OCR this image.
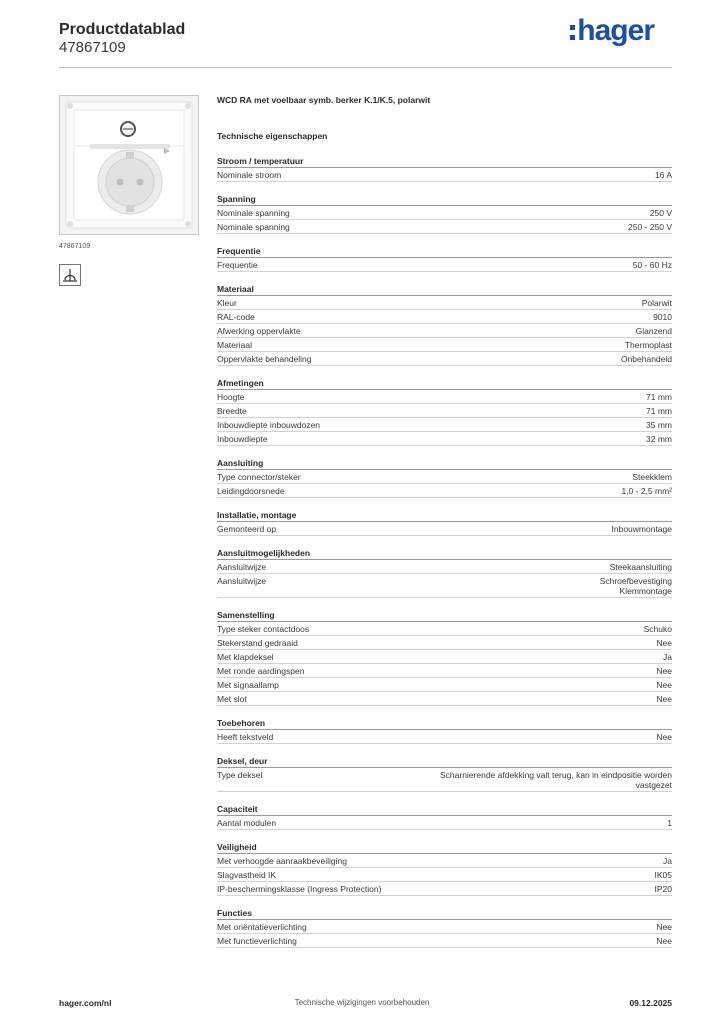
Productdatablad
47867109
hager
47867109
WCD RA met voelbaar symb. berker K.1/K.5, polarwit
Technische eigenschappen
Stroom / temperatuur
Nominale stroom	16 A
Spanning
Nominale spanning	250 V
Nominale spanning	250 - 250 V
Frequentie
Frequentie	50 - 60 Hz
Materiaal
Kleur	Polarwit
RAL-code	9010
Afwerking oppervlakte	Glanzend
Materiaal	Thermoplast
Oppervlakte behandeling	Onbehandeld
Afmetingen
Hoogte	71 mm
Breedte	71 mm
Inbouwdiepte inbouwdozen	35 mm
Inbouwdiepte	32 mm
Aansluiting
Type connector/steker	Steekklem
Leidingdoorsnede	1,0 - 2,5 mm²
Installatie, montage
Gemonteerd op	Inbouwmontage
Aansluitmogelijkheden
Aansluitwijze	Steekaansluiting
Aansluitwijze	Schroefbevestiging
Klemmontage
Samenstelling
Type steker contactdoos	Schuko
Stekerstand gedraaid	Nee
Met klapdeksel	Ja
Met ronde aardingspen	Nee
Met signaallamp	Nee
Met slot	Nee
Toebehoren
Heeft tekstveld	Nee
Deksel, deur
Type deksel	Scharnierende afdekking valt terug, kan in eindpositie worden
vastgezet
Capaciteit
Aantal modulen	1
Veiligheid
Met verhoogde aanraakbeveiliging	Ja
Slagvastheid IK	IK05
IP-beschermingsklasse (Ingress Protection)	IP20
Functies
Met oriëntatieverlichting	Nee
Met functieverlichting	Nee
hager.com/nl	Technische wijzigingen voorbehouden	09.12.2025
